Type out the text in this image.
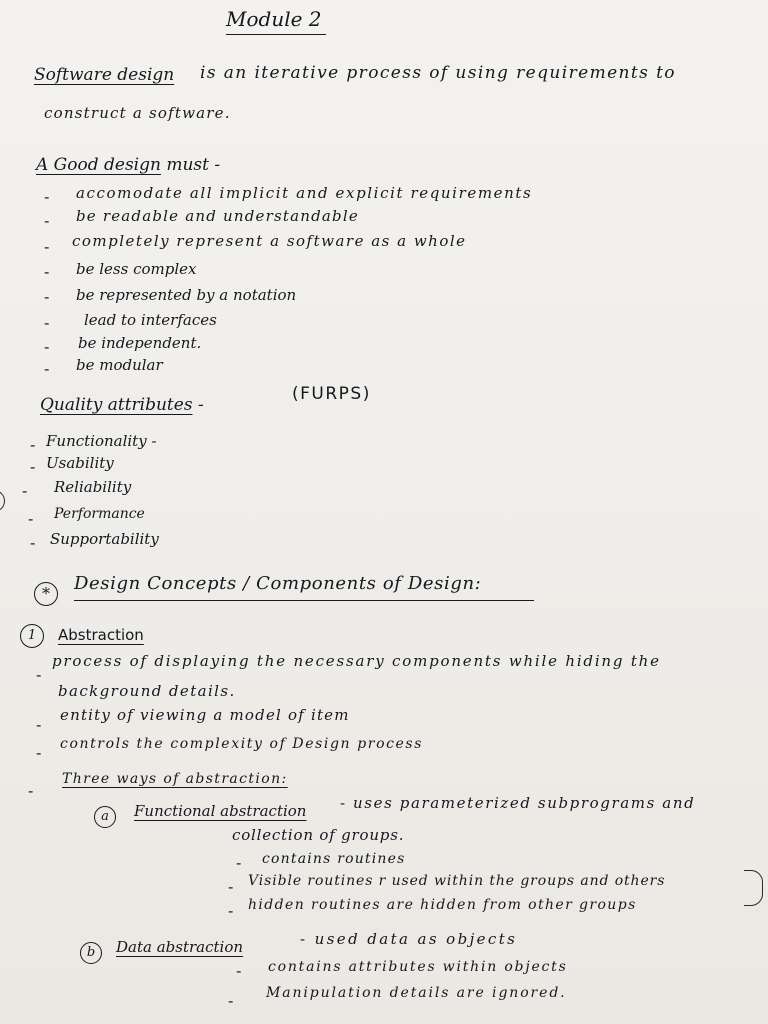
Module 2

Software design is an iterative process of using requirements to

construct a software.

A Good design must -

- accomodate all implicit and explicit requirements

- be readable and understandable

- completely represent a software as a whole

- be less complex

- be represented by a notation

- lead to interfaces

- be independent.

- be modular

Quality attributes -

(FURPS)

- Functionality -

- Usability

- Reliability

- Performance

- Supportability

*	Design Concepts / Components of Design:

1	Abstraction

-

process of displaying the necessary components while hiding the

background details.

-

entity of viewing a model of item

- controls the complexity of Design process

-

Three ways of abstraction:

a	Functional abstraction - uses parameterized subprograms and

collection of groups.

- contains routines

- Visible routines r used within the groups and others

- hidden routines are hidden from other groups

b	Data abstraction	- used data as objects

- contains attributes within objects

- Manipulation details are ignored.
